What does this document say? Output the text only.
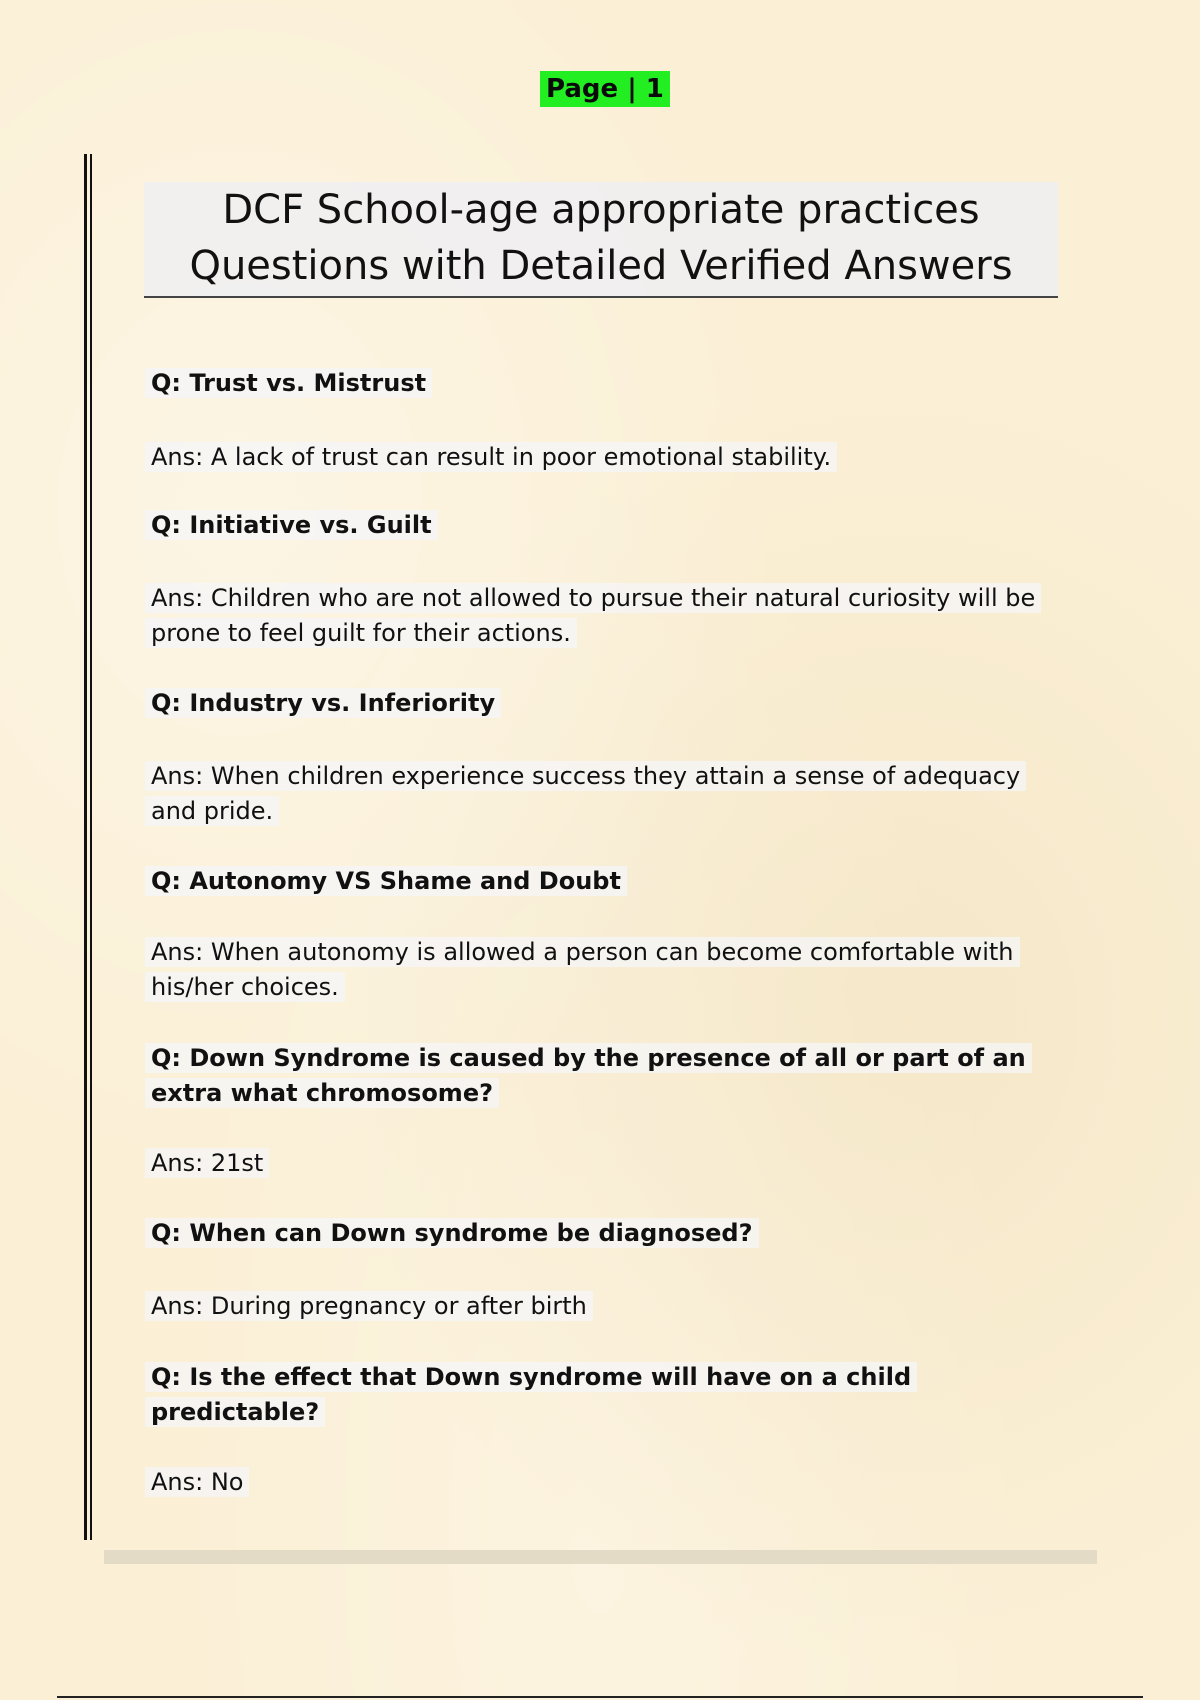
Page | 1
DCF School-age appropriate practices
Questions with Detailed Verified Answers
Q: Trust vs. Mistrust
Ans: A lack of trust can result in poor emotional stability.
Q: Initiative vs. Guilt
Ans: Children who are not allowed to pursue their natural curiosity will be prone to feel guilt for their actions.
Q: Industry vs. Inferiority
Ans: When children experience success they attain a sense of adequacy and pride.
Q: Autonomy VS Shame and Doubt
Ans: When autonomy is allowed a person can become comfortable with his/her choices.
Q: Down Syndrome is caused by the presence of all or part of an extra what chromosome?
Ans: 21st
Q: When can Down syndrome be diagnosed?
Ans: During pregnancy or after birth
Q: Is the effect that Down syndrome will have on a child predictable?
Ans: No
